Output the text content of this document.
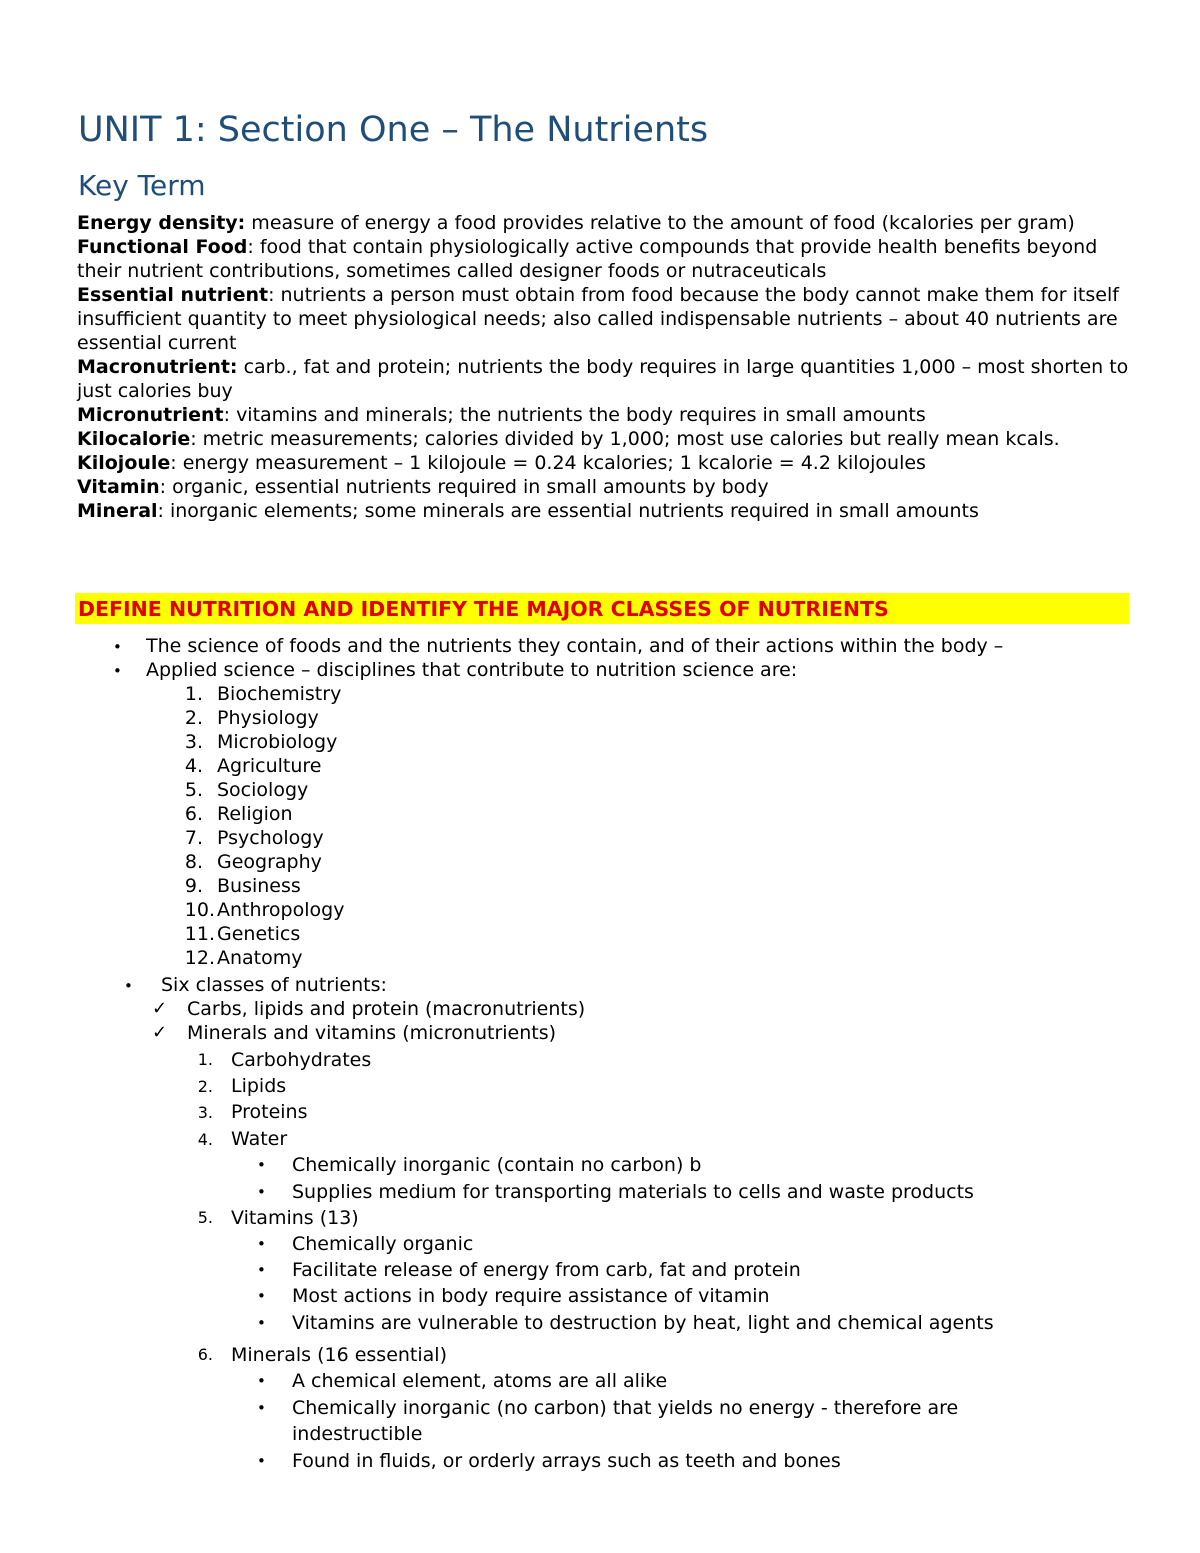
UNIT 1: Section One – The Nutrients
Key Term

Energy density: measure of energy a food provides relative to the amount of food (kcalories per gram)

Functional Food: food that contain physiologically active compounds that provide health benefits beyond their nutrient contributions, sometimes called designer foods or nutraceuticals

Essential nutrient: nutrients a person must obtain from food because the body cannot make them for itself insufficient quantity to meet physiological needs; also called indispensable nutrients – about 40 nutrients are essential current

Macronutrient: carb., fat and protein; nutrients the body requires in large quantities 1,000 – most shorten to just calories buy

Micronutrient: vitamins and minerals; the nutrients the body requires in small amounts

Kilocalorie: metric measurements; calories divided by 1,000; most use calories but really mean kcals.

Kilojoule: energy measurement – 1 kilojoule = 0.24 kcalories; 1 kcalorie = 4.2 kilojoules

Vitamin: organic, essential nutrients required in small amounts by body

Mineral: inorganic elements; some minerals are essential nutrients required in small amounts

DEFINE NUTRITION AND IDENTIFY THE MAJOR CLASSES OF NUTRIENTS
• The science of foods and the nutrients they contain, and of their actions within the body –
• Applied science – disciplines that contribute to nutrition science are:
1. Biochemistry
2. Physiology
3. Microbiology
4. Agriculture
5. Sociology
6. Religion
7. Psychology
8. Geography
9. Business
10. Anthropology
11. Genetics
12. Anatomy
• Six classes of nutrients:
✓ Carbs, lipids and protein (macronutrients)
✓ Minerals and vitamins (micronutrients)
1. Carbohydrates
2. Lipids
3. Proteins
4. Water
• Chemically inorganic (contain no carbon) b
• Supplies medium for transporting materials to cells and waste products
5. Vitamins (13)
• Chemically organic
• Facilitate release of energy from carb, fat and protein
• Most actions in body require assistance of vitamin
• Vitamins are vulnerable to destruction by heat, light and chemical agents
6. Minerals (16 essential)
• A chemical element, atoms are all alike
• Chemically inorganic (no carbon) that yields no energy - therefore are
indestructible
• Found in fluids, or orderly arrays such as teeth and bones
